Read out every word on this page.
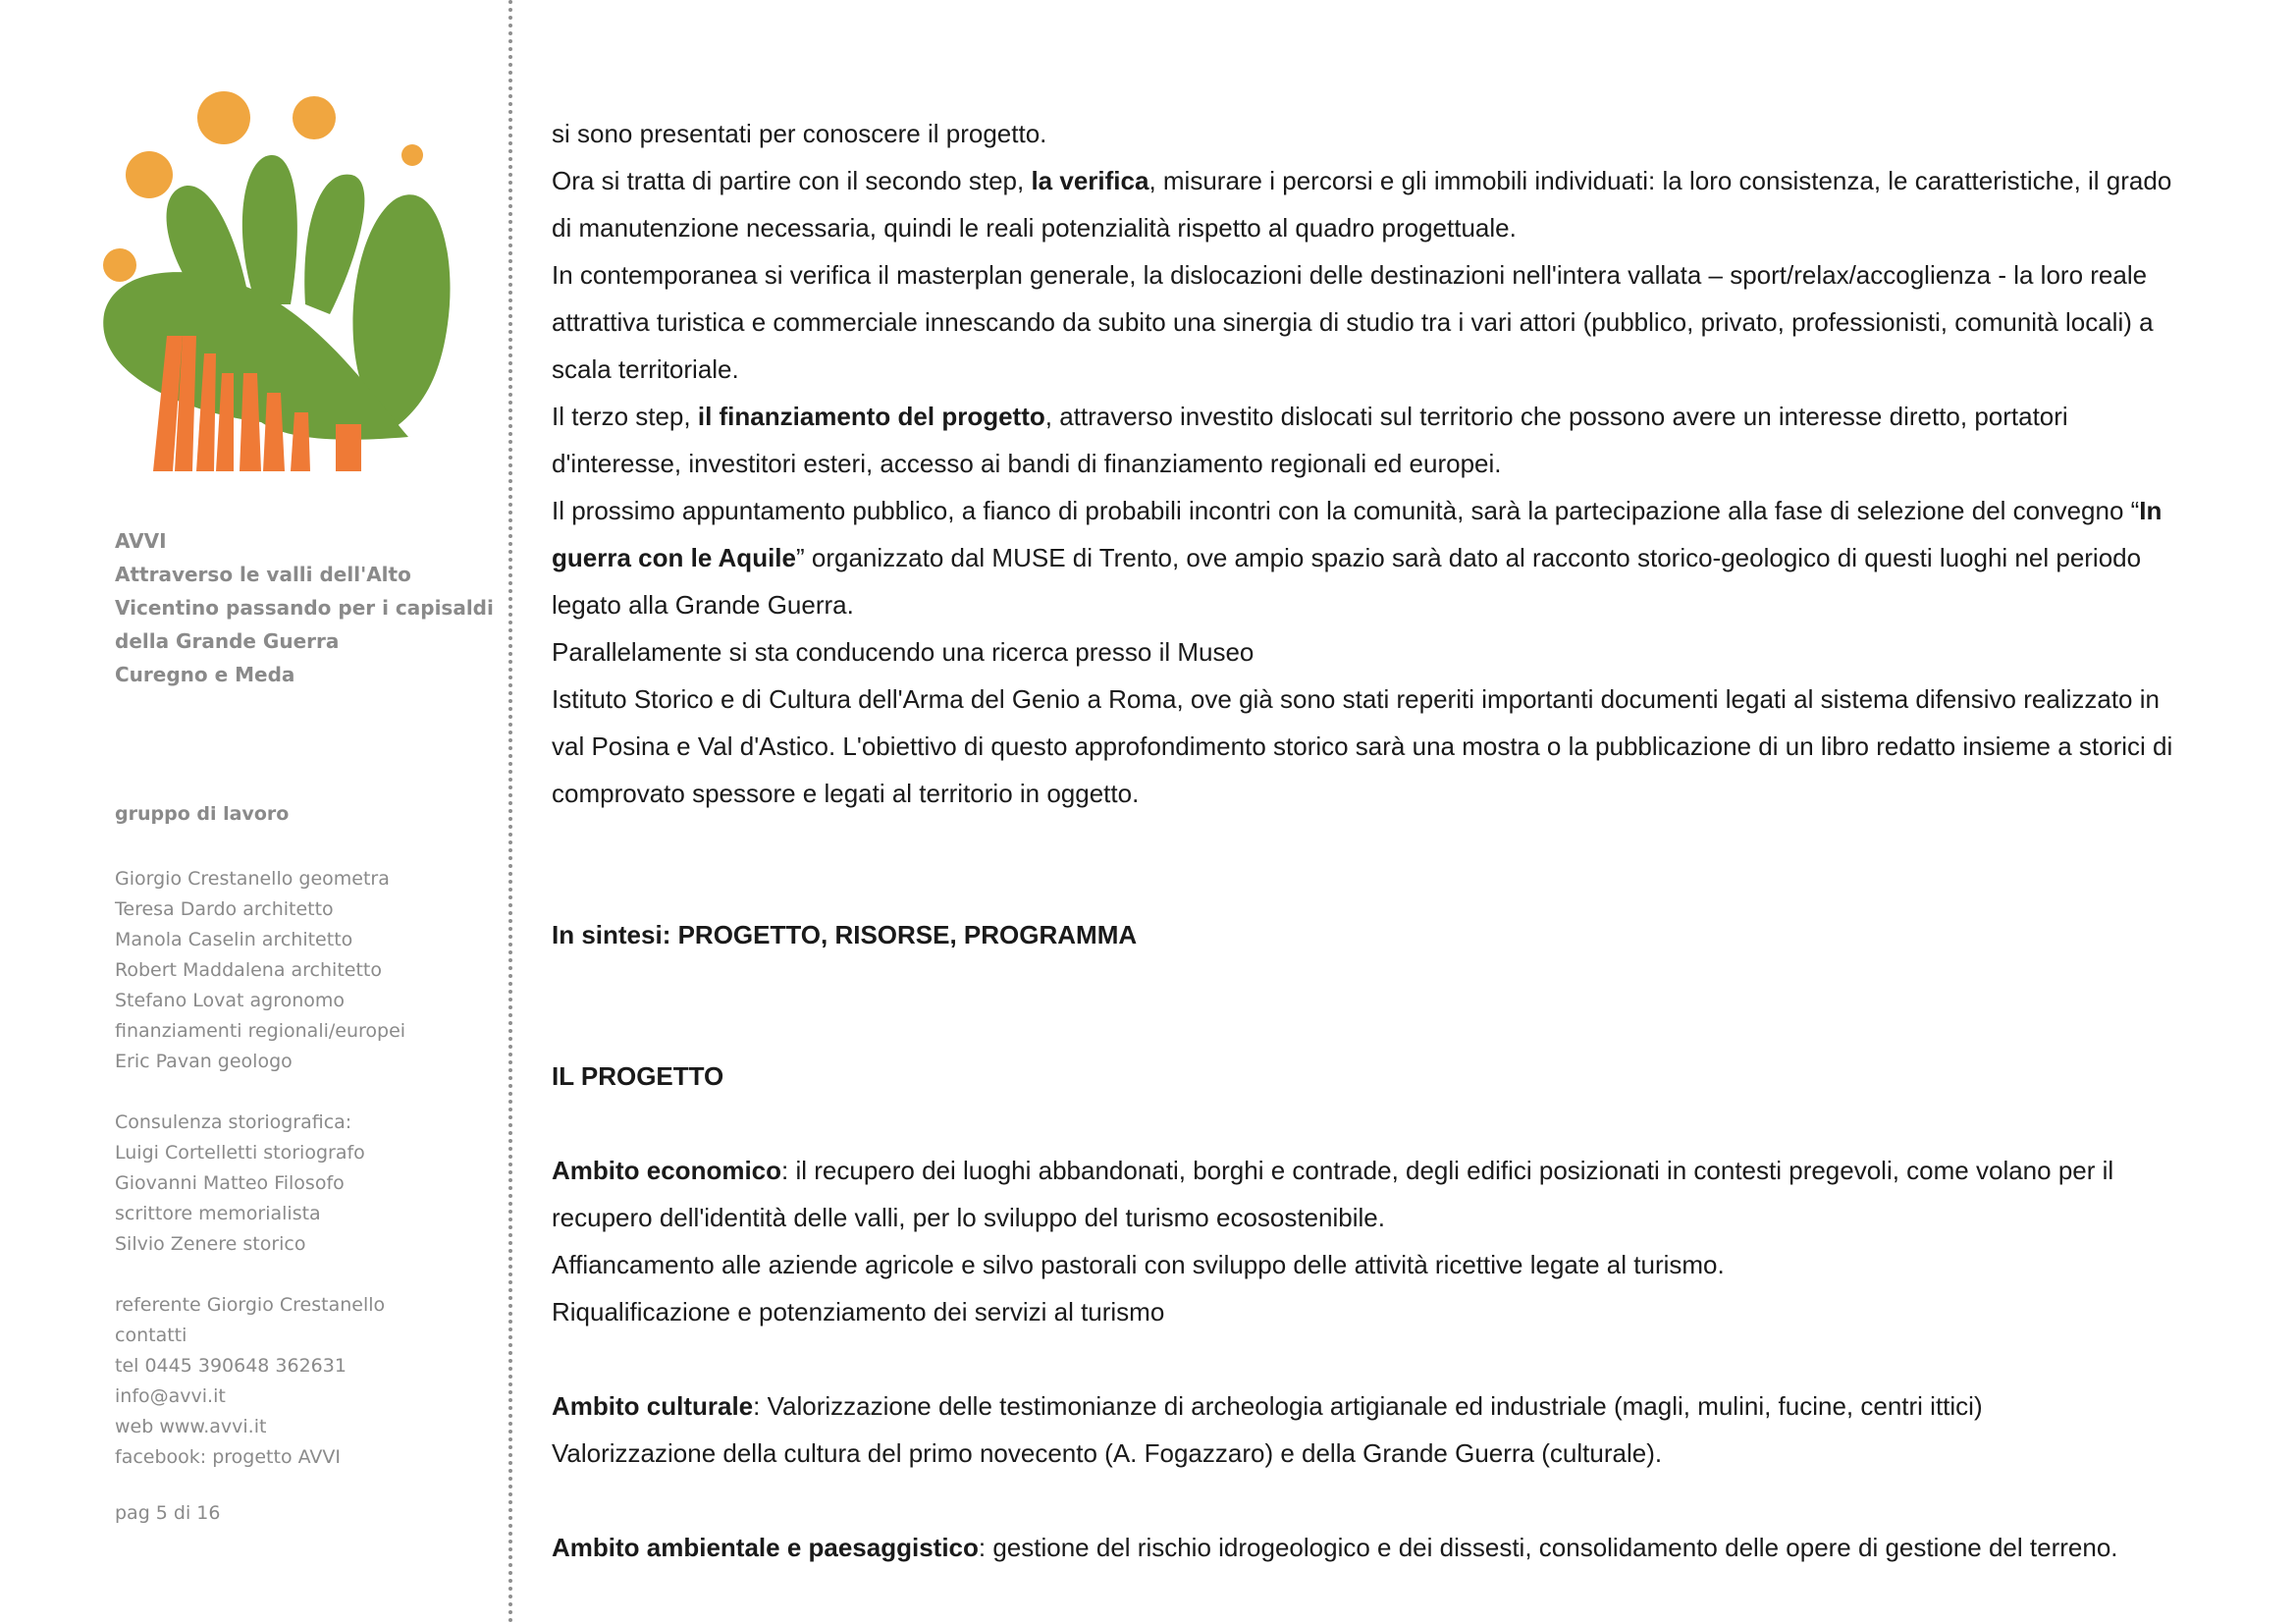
AVVI
Attraverso le valli dell'Alto
Vicentino passando per i capisaldi
della Grande Guerra
Curegno e Meda
gruppo di lavoro
Giorgio Crestanello geometra
Teresa Dardo architetto
Manola Caselin architetto
Robert Maddalena architetto
Stefano Lovat agronomo
finanziamenti regionali/europei
Eric Pavan geologo
Consulenza storiografica:
Luigi Cortelletti storiografo
Giovanni Matteo Filosofo
scrittore memorialista
Silvio Zenere storico
referente Giorgio Crestanello
contatti
tel 0445 390648 362631
info@avvi.it
web www.avvi.it
facebook: progetto AVVI
pag 5 di 16

si sono presentati per conoscere il progetto.

Ora si tratta di partire con il secondo step, la verifica, misurare i percorsi e gli immobili individuati: la loro consistenza, le caratteristiche, il grado di manutenzione necessaria, quindi le reali potenzialità rispetto al quadro progettuale.

In contemporanea si verifica il masterplan generale, la dislocazioni delle destinazioni nell'intera vallata – sport/relax/accoglienza - la loro reale attrattiva turistica e commerciale innescando da subito una sinergia di studio tra i vari attori (pubblico, privato, professionisti, comunità locali) a scala territoriale.

Il terzo step, il finanziamento del progetto, attraverso investito dislocati sul territorio che possono avere un interesse diretto, portatori d'interesse, investitori esteri, accesso ai bandi di finanziamento regionali ed europei.

Il prossimo appuntamento pubblico, a fianco di probabili incontri con la comunità, sarà la partecipazione alla fase di selezione del convegno “In guerra con le Aquile” organizzato dal MUSE di Trento, ove ampio spazio sarà dato al racconto storico-geologico di questi luoghi nel periodo legato alla Grande Guerra.

Parallelamente si sta conducendo una ricerca presso il Museo

Istituto Storico e di Cultura dell'Arma del Genio a Roma, ove già sono stati reperiti importanti documenti legati al sistema difensivo realizzato in val Posina e Val d'Astico. L'obiettivo di questo approfondimento storico sarà una mostra o la pubblicazione di un libro redatto insieme a storici di comprovato spessore e legati al territorio in oggetto.

In sintesi: PROGETTO, RISORSE, PROGRAMMA

IL PROGETTO

Ambito economico: il recupero dei luoghi abbandonati, borghi e contrade, degli edifici posizionati in contesti pregevoli, come volano per il recupero dell'identità delle valli, per lo sviluppo del turismo ecosostenibile.

Affiancamento alle aziende agricole e silvo pastorali con sviluppo delle attività ricettive legate al turismo.

Riqualificazione e potenziamento dei servizi al turismo

Ambito culturale: Valorizzazione delle testimonianze di archeologia artigianale ed industriale (magli, mulini, fucine, centri ittici)

Valorizzazione della cultura del primo novecento (A. Fogazzaro) e della Grande Guerra (culturale).

Ambito ambientale e paesaggistico: gestione del rischio idrogeologico e dei dissesti, consolidamento delle opere di gestione del terreno.
